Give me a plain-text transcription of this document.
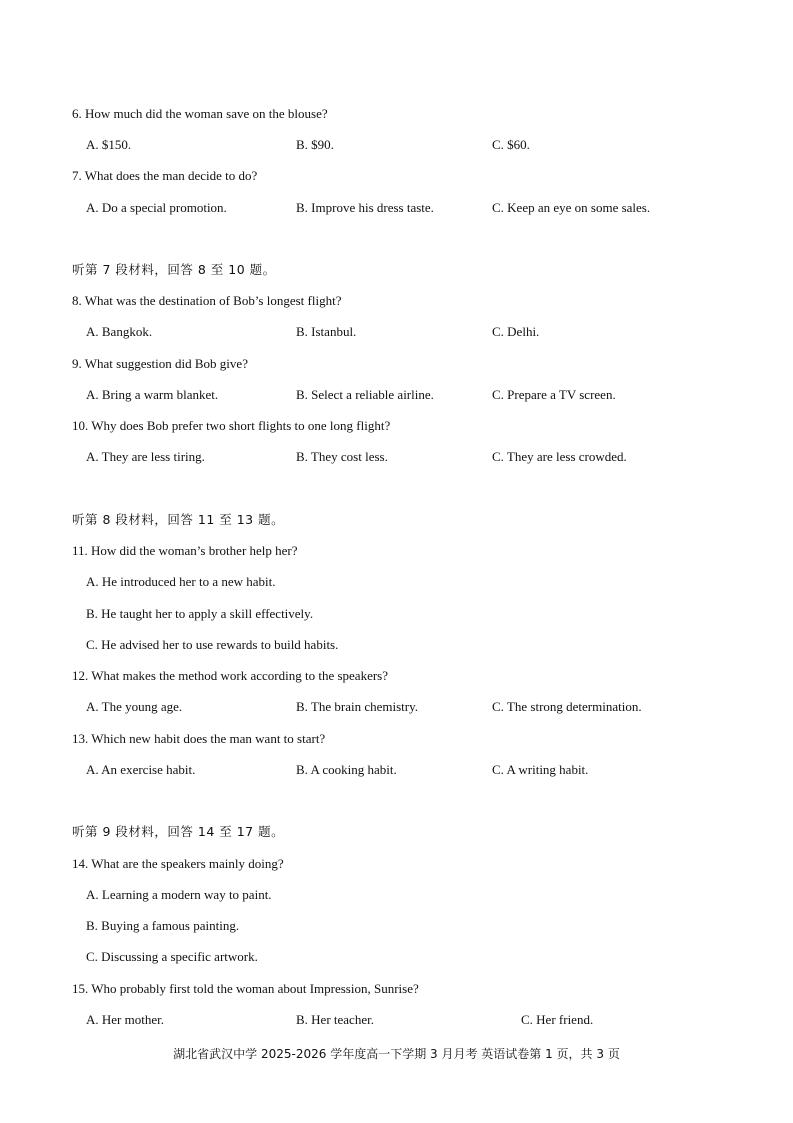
6. How much did the woman save on the blouse?
A. $150.	B. $90.	C. $60.
7. What does the man decide to do?
A. Do a special promotion.	B. Improve his dress taste.	C. Keep an eye on some sales.
听第 7 段材料，回答 8 至 10 题。
8. What was the destination of Bob’s longest flight?
A. Bangkok.	B. Istanbul.	C. Delhi.
9. What suggestion did Bob give?
A. Bring a warm blanket.	B. Select a reliable airline.	C. Prepare a TV screen.
10. Why does Bob prefer two short flights to one long flight?
A. They are less tiring.	B. They cost less.	C. They are less crowded.
听第 8 段材料，回答 11 至 13 题。
11. How did the woman’s brother help her?
A. He introduced her to a new habit.
B. He taught her to apply a skill effectively.
C. He advised her to use rewards to build habits.
12. What makes the method work according to the speakers?
A. The young age.	B. The brain chemistry.	C. The strong determination.
13. Which new habit does the man want to start?
A. An exercise habit.	B. A cooking habit.	C. A writing habit.
听第 9 段材料，回答 14 至 17 题。
14. What are the speakers mainly doing?
A. Learning a modern way to paint.
B. Buying a famous painting.
C. Discussing a specific artwork.
15. Who probably first told the woman about Impression, Sunrise?
A. Her mother.	B. Her teacher.	C. Her friend.
湖北省武汉中学 2025-2026 学年度高一下学期 3 月月考 英语试卷第 1 页，共 3 页
